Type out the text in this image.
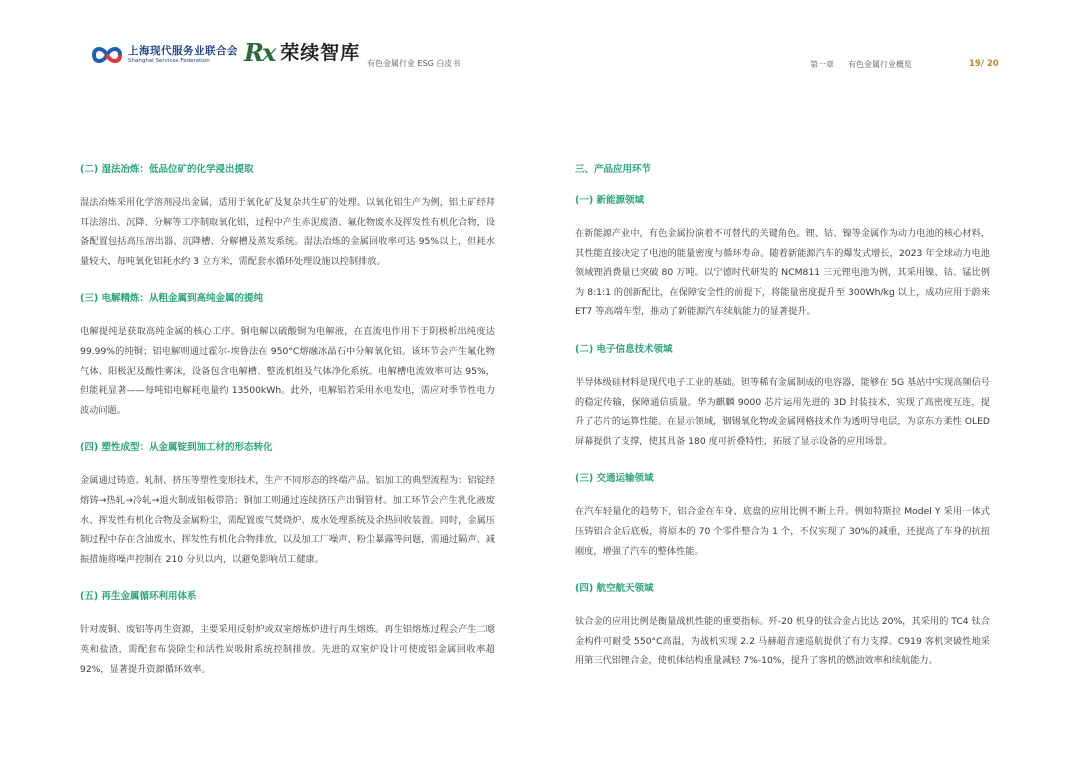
上海现代服务业联合会
Shanghai Services Federation	Rx 荣续智库 有色金属行业 ESG 白皮书	第一章 有色金属行业概览	19/ 20
(二) 湿法冶炼：低品位矿的化学浸出提取
湿法冶炼采用化学溶剂浸出金属，适用于氧化矿及复杂共生矿的处理。以氧化铝生产为例，铝土矿经拜耳法溶出、沉降、分解等工序制取氧化铝，过程中产生赤泥废渣、氟化物废水及挥发性有机化合物，设备配置包括高压溶出器、沉降槽、分解槽及蒸发系统。湿法冶炼的金属回收率可达 95%以上，但耗水量较大，每吨氧化铝耗水约 3 立方米，需配套水循环处理设施以控制排放。
(三) 电解精炼：从粗金属到高纯金属的提纯
电解提纯是获取高纯金属的核心工序。铜电解以硫酸铜为电解液，在直流电作用下于阴极析出纯度达 99.99%的纯铜；铝电解则通过霍尔-埃鲁法在 950°C熔融冰晶石中分解氧化铝。该环节会产生氟化物气体、阳极泥及酸性雾沫，设备包含电解槽、整流机组及气体净化系统。电解槽电流效率可达 95%，但能耗显著——每吨铝电解耗电量约 13500kWh。此外，电解铝若采用水电发电，需应对季节性电力波动问题。
(四) 塑性成型：从金属锭到加工材的形态转化
金属通过铸造、轧制、挤压等塑性变形技术，生产不同形态的终端产品。铝加工的典型流程为：铝锭经熔铸→热轧→冷轧→退火制成铝板带箔；铜加工则通过连续挤压产出铜管材。加工环节会产生乳化液废水、挥发性有机化合物及金属粉尘，需配置废气焚烧炉、废水处理系统及余热回收装置。同时，金属压制过程中存在含油废水、挥发性有机化合物排放，以及加工厂噪声、粉尘暴露等问题，需通过隔声、减振措施将噪声控制在 210 分贝以内，以避免影响员工健康。
(五) 再生金属循环利用体系
针对废铜、废铝等再生资源，主要采用反射炉或双室熔炼炉进行再生熔炼。再生铝熔炼过程会产生二噁英和盐渣，需配套布袋除尘和活性炭吸附系统控制排放。先进的双室炉设计可使废铝金属回收率超 92%，显著提升资源循环效率。
三、产品应用环节
(一) 新能源领域
在新能源产业中，有色金属扮演着不可替代的关键角色。锂、钴、镍等金属作为动力电池的核心材料，其性能直接决定了电池的能量密度与循环寿命。随着新能源汽车的爆发式增长，2023 年全球动力电池领域锂消费量已突破 80 万吨。以宁德时代研发的 NCM811 三元锂电池为例，其采用镍、钴、锰比例为 8:1:1 的创新配比，在保障安全性的前提下，将能量密度提升至 300Wh/kg 以上，成功应用于蔚来 ET7 等高端车型，推动了新能源汽车续航能力的显著提升。
(二) 电子信息技术领域
半导体级硅材料是现代电子工业的基础。钽等稀有金属制成的电容器，能够在 5G 基站中实现高频信号的稳定传输，保障通信质量。华为麒麟 9000 芯片运用先进的 3D 封装技术，实现了高密度互连，提升了芯片的运算性能。在显示领域，铟锡氧化物或金属网格技术作为透明导电层，为京东方柔性 OLED 屏幕提供了支撑，使其具备 180 度可折叠特性，拓展了显示设备的应用场景。
(三) 交通运输领域
在汽车轻量化的趋势下，铝合金在车身、底盘的应用比例不断上升。例如特斯拉 Model Y 采用一体式压铸铝合金后底板，将原本的 70 个零件整合为 1 个，不仅实现了 30%的减重，还提高了车身的抗扭刚度，增强了汽车的整体性能。
(四) 航空航天领域
钛合金的应用比例是衡量战机性能的重要指标。歼-20 机身的钛合金占比达 20%，其采用的 TC4 钛合金构件可耐受 550°C高温，为战机实现 2.2 马赫超音速巡航提供了有力支撑。C919 客机突破性地采用第三代铝锂合金，使机体结构重量减轻 7%-10%，提升了客机的燃油效率和续航能力。
